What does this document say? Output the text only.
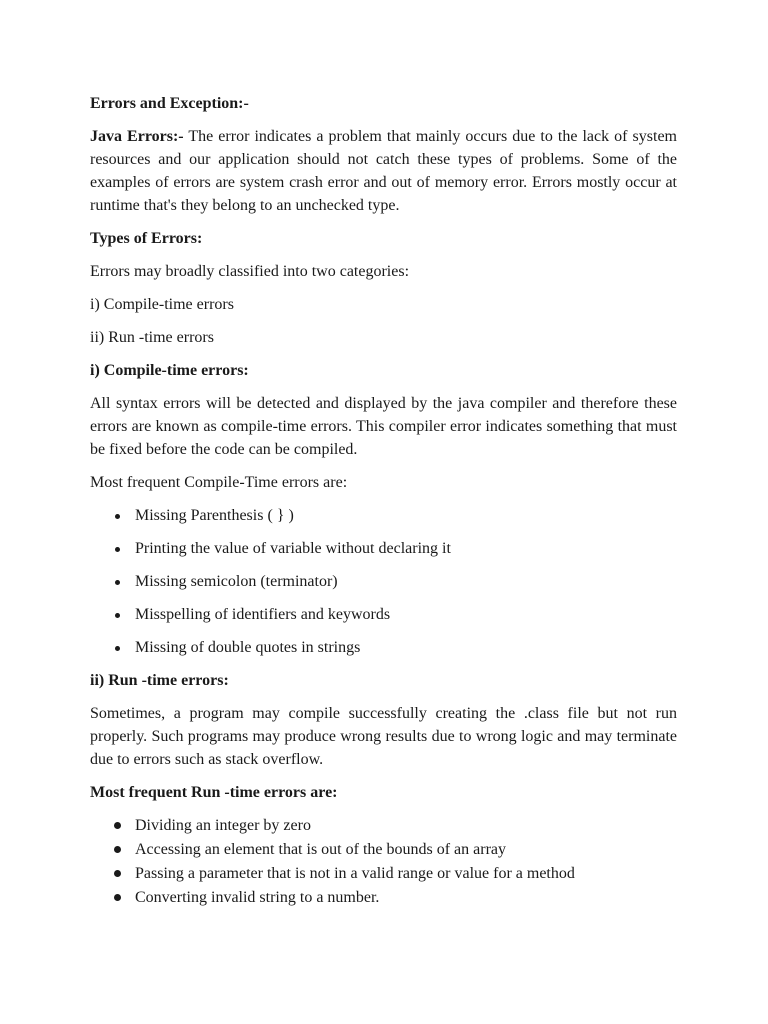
Errors and Exception:-

Java Errors:- The error indicates a problem that mainly occurs due to the lack of system resources and our application should not catch these types of problems. Some of the examples of errors are system crash error and out of memory error. Errors mostly occur at runtime that's they belong to an unchecked type.

Types of Errors:

Errors may broadly classified into two categories:

i) Compile-time errors

ii) Run -time errors

i) Compile-time errors:

All syntax errors will be detected and displayed by the java compiler and therefore these errors are known as compile-time errors. This compiler error indicates something that must be fixed before the code can be compiled.

Most frequent Compile-Time errors are:

Missing Parenthesis ( } )
Printing the value of variable without declaring it
Missing semicolon (terminator)
Misspelling of identifiers and keywords
Missing of double quotes in strings
ii) Run -time errors:

Sometimes, a program may compile successfully creating the .class file but not run properly. Such programs may produce wrong results due to wrong logic and may terminate due to errors such as stack overflow.

Most frequent Run -time errors are:
Dividing an integer by zero
Accessing an element that is out of the bounds of an array
Passing a parameter that is not in a valid range or value for a method
Converting invalid string to a number.
